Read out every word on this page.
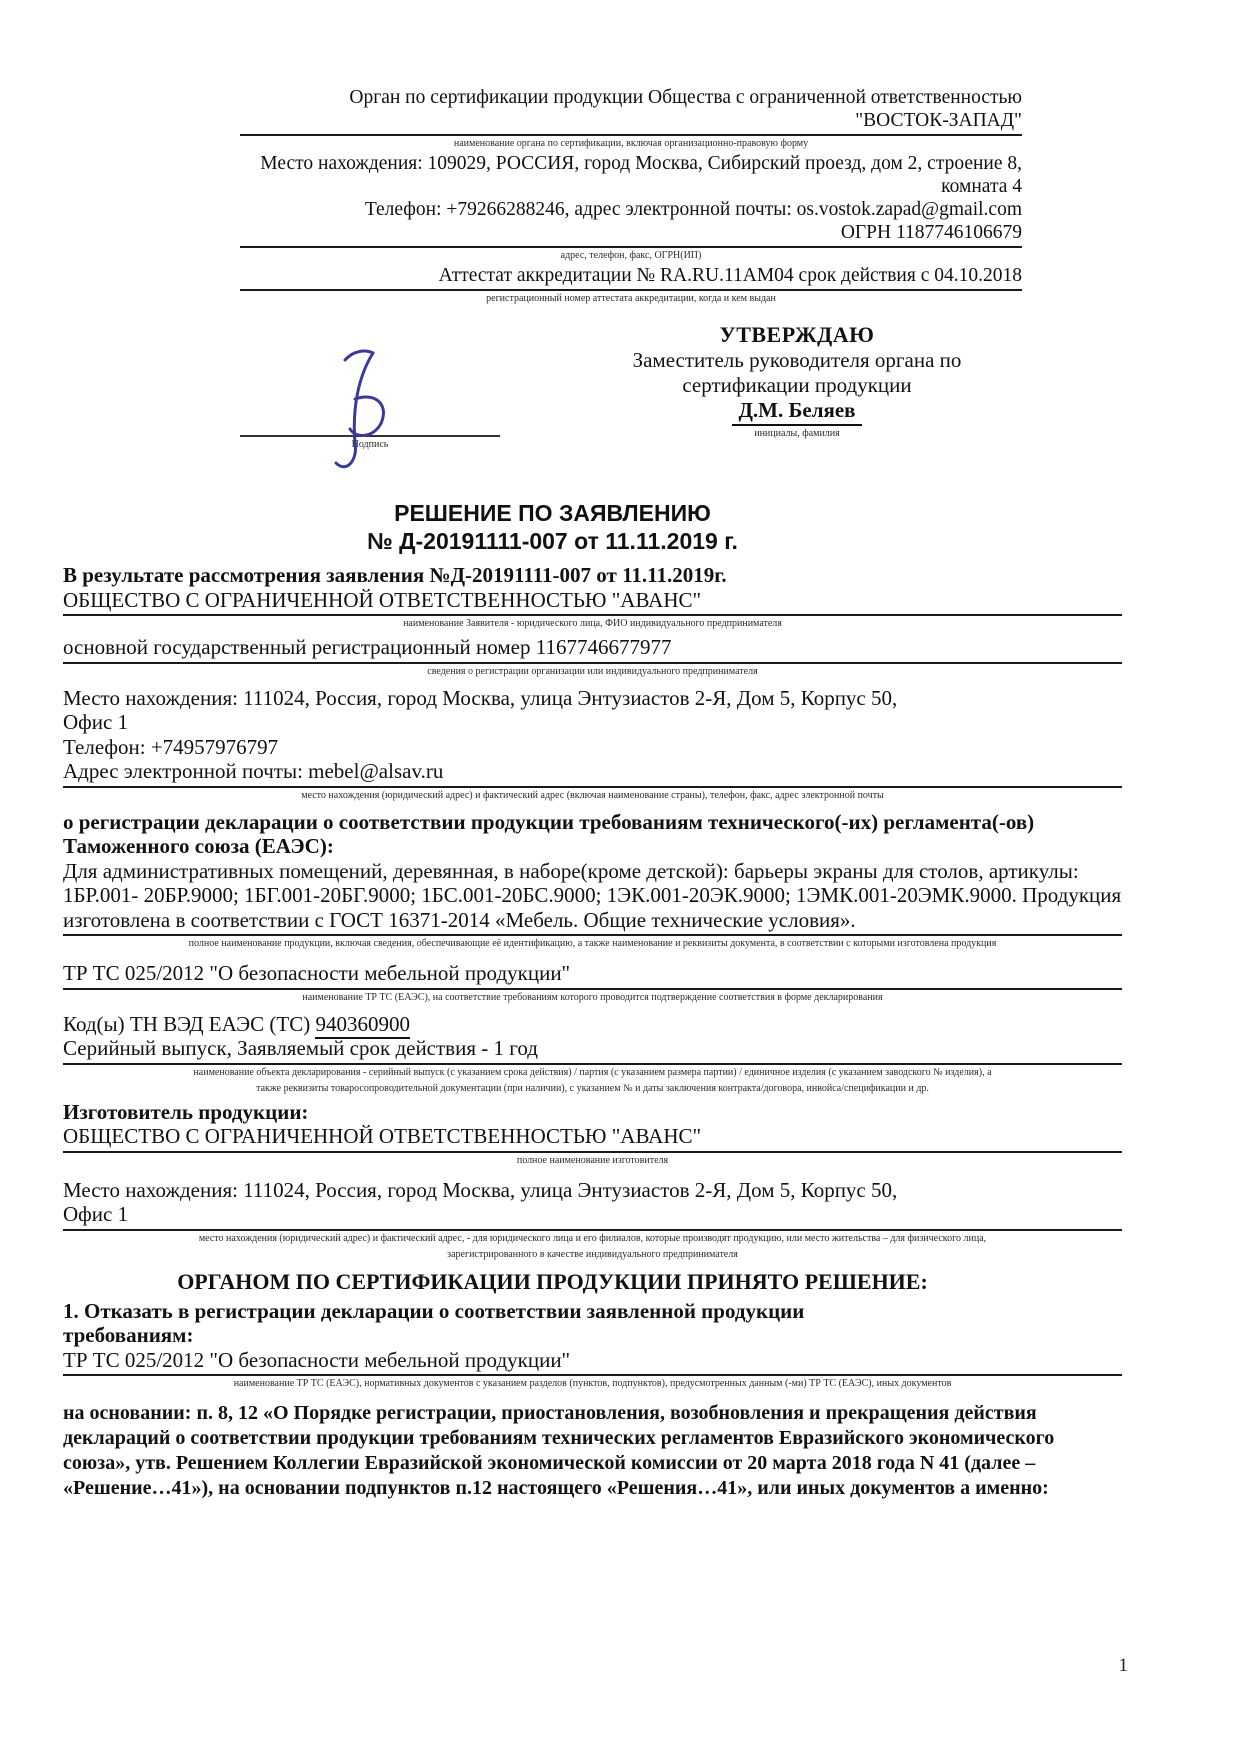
Орган по сертификации продукции Общества с ограниченной ответственностью
"ВОСТОК-ЗАПАД"
наименование органа по сертификации, включая организационно-правовую форму
Место нахождения: 109029, РОССИЯ, город Москва, Сибирский проезд, дом 2, строение 8,
комната 4
Телефон: +79266288246, адрес электронной почты: os.vostok.zapad@gmail.com
ОГРН 1187746106679
адрес, телефон, факс, ОГРН(ИП)
Аттестат аккредитации № RA.RU.11AM04 срок действия с 04.10.2018
регистрационный номер аттестата аккредитации, когда и кем выдан
Подпись
УТВЕРЖДАЮ
Заместитель руководителя органа по
сертификации продукции
Д.М. Беляев
инициалы, фамилия
РЕШЕНИЕ ПО ЗАЯВЛЕНИЮ
№ Д-20191111-007 от 11.11.2019 г.
В результате рассмотрения заявления №Д-20191111-007 от 11.11.2019г.
ОБЩЕСТВО С ОГРАНИЧЕННОЙ ОТВЕТСТВЕННОСТЬЮ "АВАНС"
наименование Заявителя - юридического лица, ФИО индивидуального предпринимателя
основной государственный регистрационный номер 1167746677977
сведения о регистрации организации или индивидуального предпринимателя
Место нахождения: 111024, Россия, город Москва, улица Энтузиастов 2-Я, Дом 5, Корпус 50,
Офис 1
Телефон: +74957976797
Адрес электронной почты: mebel@alsav.ru
место нахождения (юридический адрес) и фактический адрес (включая наименование страны), телефон, факс, адрес электронной почты
о регистрации декларации о соответствии продукции требованиям технического(-их) регламента(-ов) Таможенного союза (ЕАЭС):
Для административных помещений, деревянная, в наборе(кроме детской): барьеры экраны для столов, артикулы: 1БР.001- 20БР.9000; 1БГ.001-20БГ.9000; 1БС.001-20БС.9000; 1ЭК.001-20ЭК.9000; 1ЭМК.001-20ЭМК.9000. Продукция изготовлена в соответствии с ГОСТ 16371-2014 «Мебель. Общие технические условия».
полное наименование продукции, включая сведения, обеспечивающие её идентификацию, а также наименование и реквизиты документа, в соответствии с которыми изготовлена продукция
ТР ТС 025/2012 "О безопасности мебельной продукции"
наименование ТР ТС (ЕАЭС), на соответствие требованиям которого проводится подтверждение соответствия в форме декларирования
Код(ы) ТН ВЭД ЕАЭС (ТС) 940360900
Серийный выпуск, Заявляемый срок действия - 1 год
наименование объекта декларирования - серийный выпуск (с указанием срока действия) / партия (с указанием размера партии) / единичное изделия (с указанием заводского № изделия), а
также реквизиты товаросопроводительной документации (при наличии), с указанием № и даты заключения контракта/договора, инвойса/спецификации и др.
Изготовитель продукции:
ОБЩЕСТВО С ОГРАНИЧЕННОЙ ОТВЕТСТВЕННОСТЬЮ "АВАНС"
полное наименование изготовителя
Место нахождения: 111024, Россия, город Москва, улица Энтузиастов 2-Я, Дом 5, Корпус 50,
Офис 1
место нахождения (юридический адрес) и фактический адрес, - для юридического лица и его филиалов, которые производят продукцию, или место жительства – для физического лица,
зарегистрированного в качестве индивидуального предпринимателя
ОРГАНОМ ПО СЕРТИФИКАЦИИ ПРОДУКЦИИ ПРИНЯТО РЕШЕНИЕ:
1. Отказать в регистрации декларации о соответствии заявленной продукции
требованиям:
ТР ТС 025/2012 "О безопасности мебельной продукции"
наименование ТР ТС (ЕАЭС), нормативных документов с указанием разделов (пунктов, подпунктов), предусмотренных данным (-ми) ТР ТС (ЕАЭС), иных документов
на основании: п. 8, 12 «О Порядке регистрации, приостановления, возобновления и прекращения действия деклараций о соответствии продукции требованиям технических регламентов Евразийского экономического союза», утв. Решением Коллегии Евразийской экономической комиссии от 20 марта 2018 года N 41 (далее – «Решение…41»), на основании подпунктов п.12 настоящего «Решения…41», или иных документов а именно:
1
